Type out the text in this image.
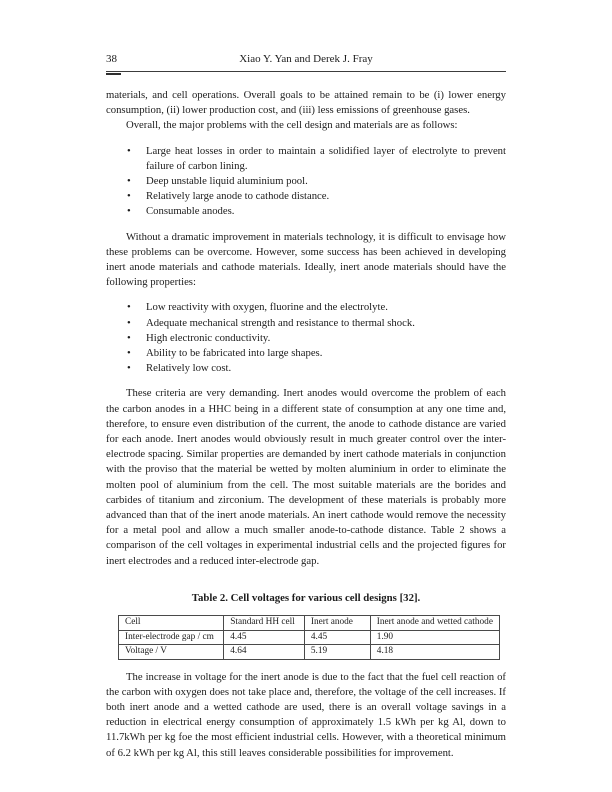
38	Xiao Y. Yan and Derek J. Fray

materials, and cell operations. Overall goals to be attained remain to be (i) lower energy consumption, (ii) lower production cost, and (iii) less emissions of greenhouse gases.

Overall, the major problems with the cell design and materials are as follows:

• Large heat losses in order to maintain a solidified layer of electrolyte to prevent failure of carbon lining.
• Deep unstable liquid aluminium pool.
• Relatively large anode to cathode distance.
• Consumable anodes.

Without a dramatic improvement in materials technology, it is difficult to envisage how these problems can be overcome. However, some success has been achieved in developing inert anode materials and cathode materials. Ideally, inert anode materials should have the following properties:

• Low reactivity with oxygen, fluorine and the electrolyte.
• Adequate mechanical strength and resistance to thermal shock.
• High electronic conductivity.
• Ability to be fabricated into large shapes.
• Relatively low cost.

These criteria are very demanding. Inert anodes would overcome the problem of each the carbon anodes in a HHC being in a different state of consumption at any one time and, therefore, to ensure even distribution of the current, the anode to cathode distance are varied for each anode. Inert anodes would obviously result in much greater control over the inter-electrode spacing. Similar properties are demanded by inert cathode materials in conjunction with the proviso that the material be wetted by molten aluminium in order to eliminate the molten pool of aluminium from the cell. The most suitable materials are the borides and carbides of titanium and zirconium. The development of these materials is probably more advanced than that of the inert anode materials. An inert cathode would remove the necessity for a metal pool and allow a much smaller anode-to-cathode distance. Table 2 shows a comparison of the cell voltages in experimental industrial cells and the projected figures for inert electrodes and a reduced inter-electrode gap.

Table 2. Cell voltages for various cell designs [32].
Cell	Standard HH cell	Inert anode	Inert anode and wetted cathode
Inter-electrode gap / cm	4.45	4.45	1.90
Voltage / V	4.64	5.19	4.18

The increase in voltage for the inert anode is due to the fact that the fuel cell reaction of the carbon with oxygen does not take place and, therefore, the voltage of the cell increases. If both inert anode and a wetted cathode are used, there is an overall voltage savings in a reduction in electrical energy consumption of approximately 1.5 kWh per kg Al, down to 11.7kWh per kg foe the most efficient industrial cells. However, with a theoretical minimum of 6.2 kWh per kg Al, this still leaves considerable possibilities for improvement.
